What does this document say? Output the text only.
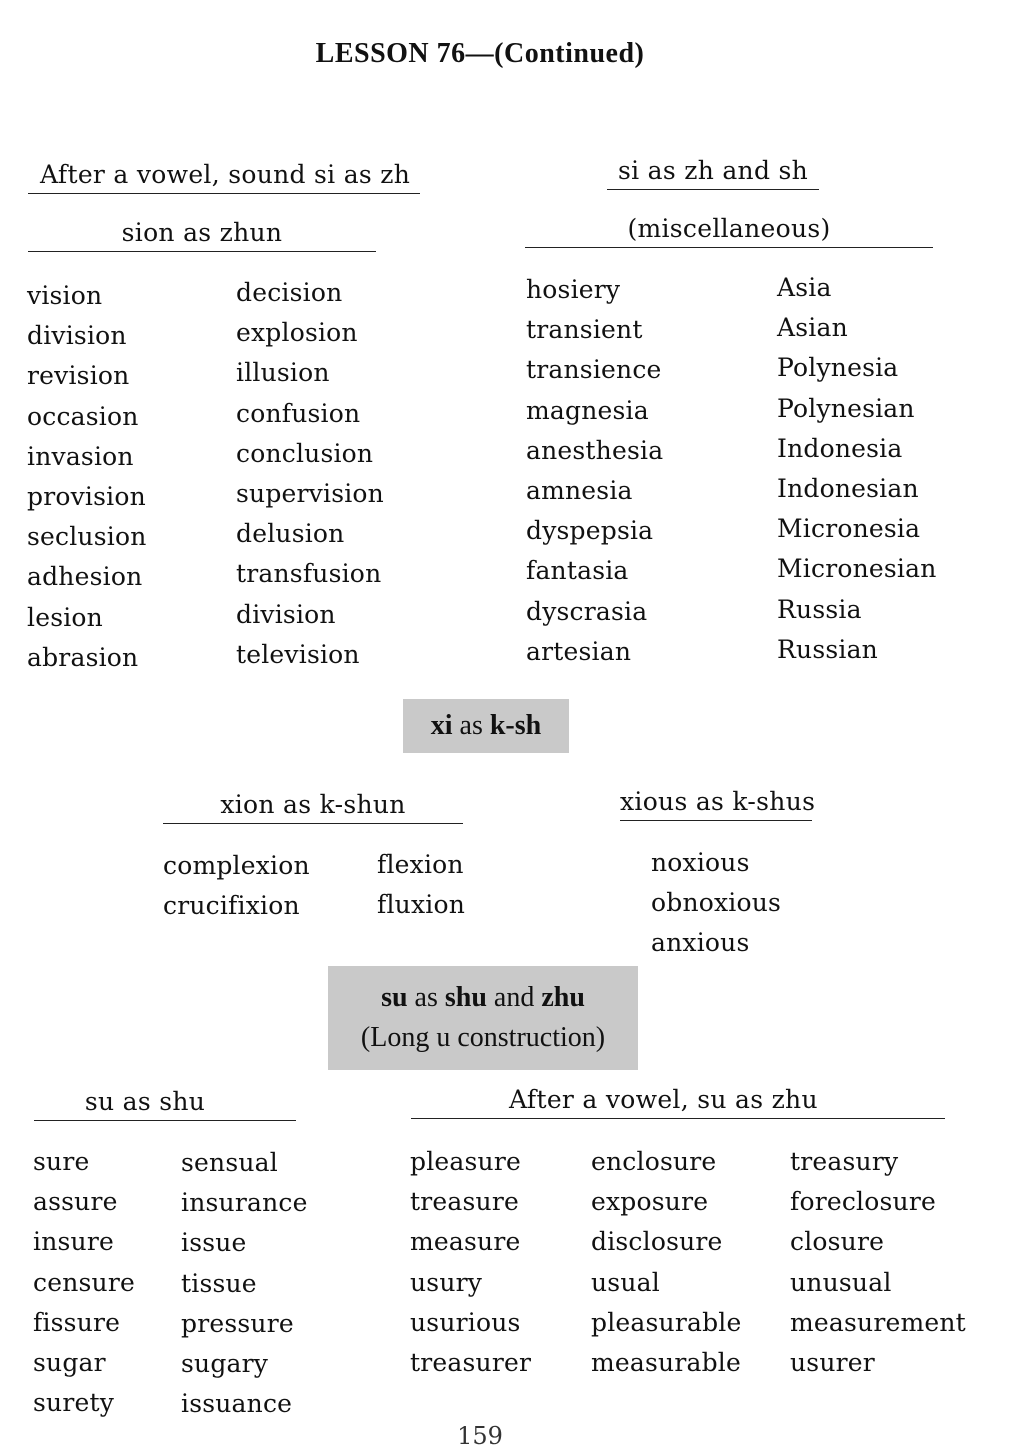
LESSON 76—(Continued)
After a vowel, sound si as zh
sion as zhun
vision
division
revision
occasion
invasion
provision
seclusion
adhesion
lesion
abrasion
decision
explosion
illusion
confusion
conclusion
supervision
delusion
transfusion
division
television
si as zh and sh
(miscellaneous)
hosiery
transient
transience
magnesia
anesthesia
amnesia
dyspepsia
fantasia
dyscrasia
artesian
Asia
Asian
Polynesia
Polynesian
Indonesia
Indonesian
Micronesia
Micronesian
Russia
Russian
xi as k-sh
xion as k-shun
complexion
crucifixion
flexion
fluxion
xious as k-shus
noxious
obnoxious
anxious
su as shu and zhu
(Long u construction)
su as shu
sure
assure
insure
censure
fissure
sugar
surety
sensual
insurance
issue
tissue
pressure
sugary
issuance
After a vowel, su as zhu
pleasure
treasure
measure
usury
usurious
treasurer
enclosure
exposure
disclosure
usual
pleasurable
measurable
treasury
foreclosure
closure
unusual
measurement
usurer
159
